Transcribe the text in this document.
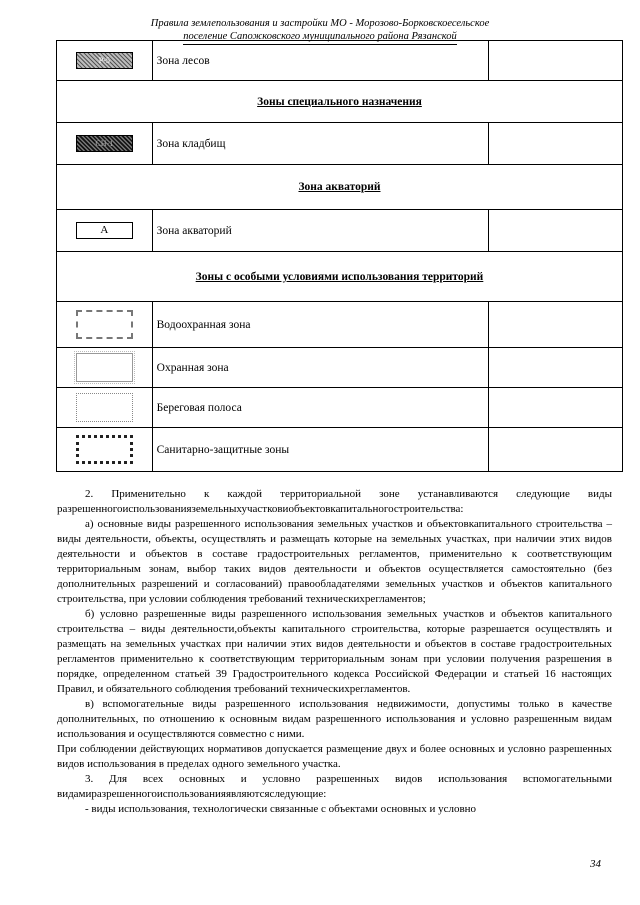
Правила землепользования и застройки МО - Морозово-Борковскоесельское
поселение Сапожковского муниципального района Рязанской
Р-5	Зона лесов	
Зоны специального назначения		
СН-1	Зона кладбищ	
Зона акваторий		
А	Зона акваторий	
Зоны с особыми условиями использования территорий		
	Водоохранная зона	
	Охранная зона	
	Береговая полоса	
	Санитарно-защитные зоны	

2. Применительно к каждой территориальной зоне устанавливаются следующие виды разрешенногоиспользованияземельныхучастковиобъектовкапитальногостроительства:

а) основные виды разрешенного использования земельных участков и объектовкапитального строительства – виды деятельности, объекты, осуществлять и размещать которые на земельных участках, при наличии этих видов деятельности и объектов в составе градостроительных регламентов, применительно к соответствующим территориальным зонам, выбор таких видов деятельности и объектов осуществляется самостоятельно (без дополнительных разрешений и согласований) правообладателями земельных участков и объектов капитального строительства, при условии соблюдения требований техническихрегламентов;

б) условно разрешенные виды разрешенного использования земельных участков и объектов капитального строительства – виды деятельности,объекты капитального строительства, которые разрешается осуществлять и размещать на земельных участках при наличии этих видов деятельности и объектов в составе градостроительных регламентов применительно к соответствующим территориальным зонам при условии получения разрешения в порядке, определенном статьей 39 Градостроительного кодекса Российской Федерации и статьей 16 настоящих Правил, и обязательного соблюдения требований техническихрегламентов.

в) вспомогательные виды разрешенного использования недвижимости, допустимы только в качестве дополнительных, по отношению к основным видам разрешенного использования и условно разрешенным видам использования и осуществляются совместно с ними.

При соблюдении действующих нормативов допускается размещение двух и более основных и условно разрешенных видов использования в пределах одного земельного участка.

3. Для всех основных и условно разрешенных видов использования вспомогательными видамиразрешенногоиспользованияявляютсяследующие:

- виды использования, технологически связанные с объектами основных и условно

34
